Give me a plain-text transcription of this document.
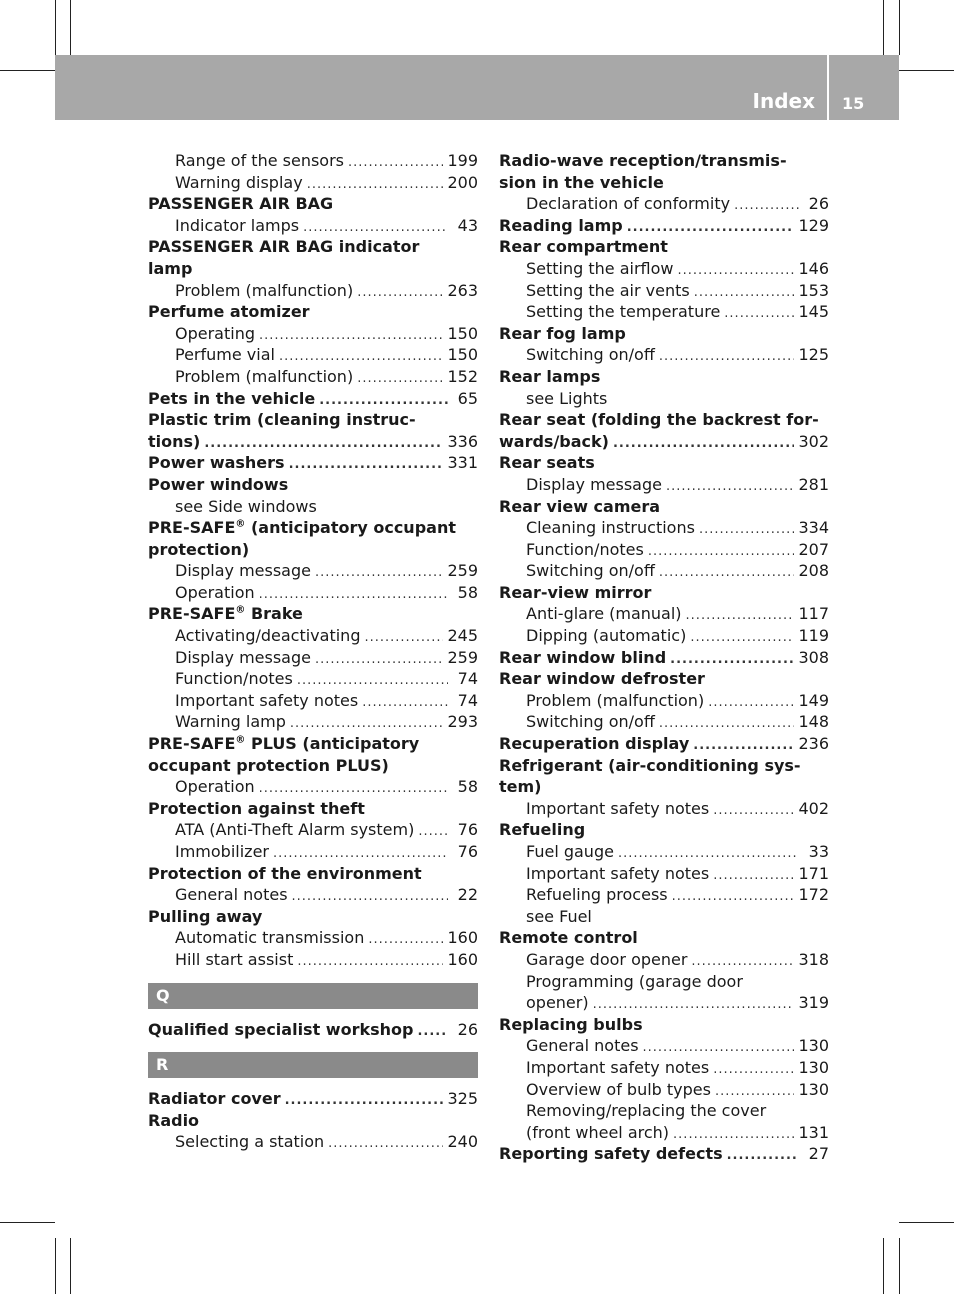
Index 15
Range of the sensors .....	199
Warning display .....	200
PASSENGER AIR BAG
Indicator lamps .....	43
PASSENGER AIR BAG indicator
lamp
Problem (malfunction) .....	263
Perfume atomizer
Operating .....	150
Perfume vial .....	150
Problem (malfunction) .....	152
Pets in the vehicle .....	65
Plastic trim (cleaning instruc-
tions) .....	336
Power washers .....	331
Power windows
see Side windows
PRE-SAFE® (anticipatory occupant
protection)
Display message .....	259
Operation .....	58
PRE-SAFE® Brake
Activating/deactivating .....	245
Display message .....	259
Function/notes .....	74
Important safety notes .....	74
Warning lamp .....	293
PRE-SAFE® PLUS (anticipatory
occupant protection PLUS)
Operation .....	58
Protection against theft
ATA (Anti-Theft Alarm system) .....	76
Immobilizer .....	76
Protection of the environment
General notes .....	22
Pulling away
Automatic transmission .....	160
Hill start assist .....	160
Q
Qualified specialist workshop .....	26
R
Radiator cover .....	325
Radio
Selecting a station .....	240
Radio-wave reception/transmis-
sion in the vehicle
Declaration of conformity .....	26
Reading lamp .....	129
Rear compartment
Setting the airflow .....	146
Setting the air vents .....	153
Setting the temperature .....	145
Rear fog lamp
Switching on/off .....	125
Rear lamps
see Lights
Rear seat (folding the backrest for-
wards/back) .....	302
Rear seats
Display message .....	281
Rear view camera
Cleaning instructions .....	334
Function/notes .....	207
Switching on/off .....	208
Rear-view mirror
Anti-glare (manual) .....	117
Dipping (automatic) .....	119
Rear window blind .....	308
Rear window defroster
Problem (malfunction) .....	149
Switching on/off .....	148
Recuperation display .....	236
Refrigerant (air-conditioning sys-
tem)
Important safety notes .....	402
Refueling
Fuel gauge .....	33
Important safety notes .....	171
Refueling process .....	172
see Fuel
Remote control
Garage door opener .....	318
Programming (garage door
opener) .....	319
Replacing bulbs
General notes .....	130
Important safety notes .....	130
Overview of bulb types .....	130
Removing/replacing the cover
(front wheel arch) .....	131
Reporting safety defects .....	27
